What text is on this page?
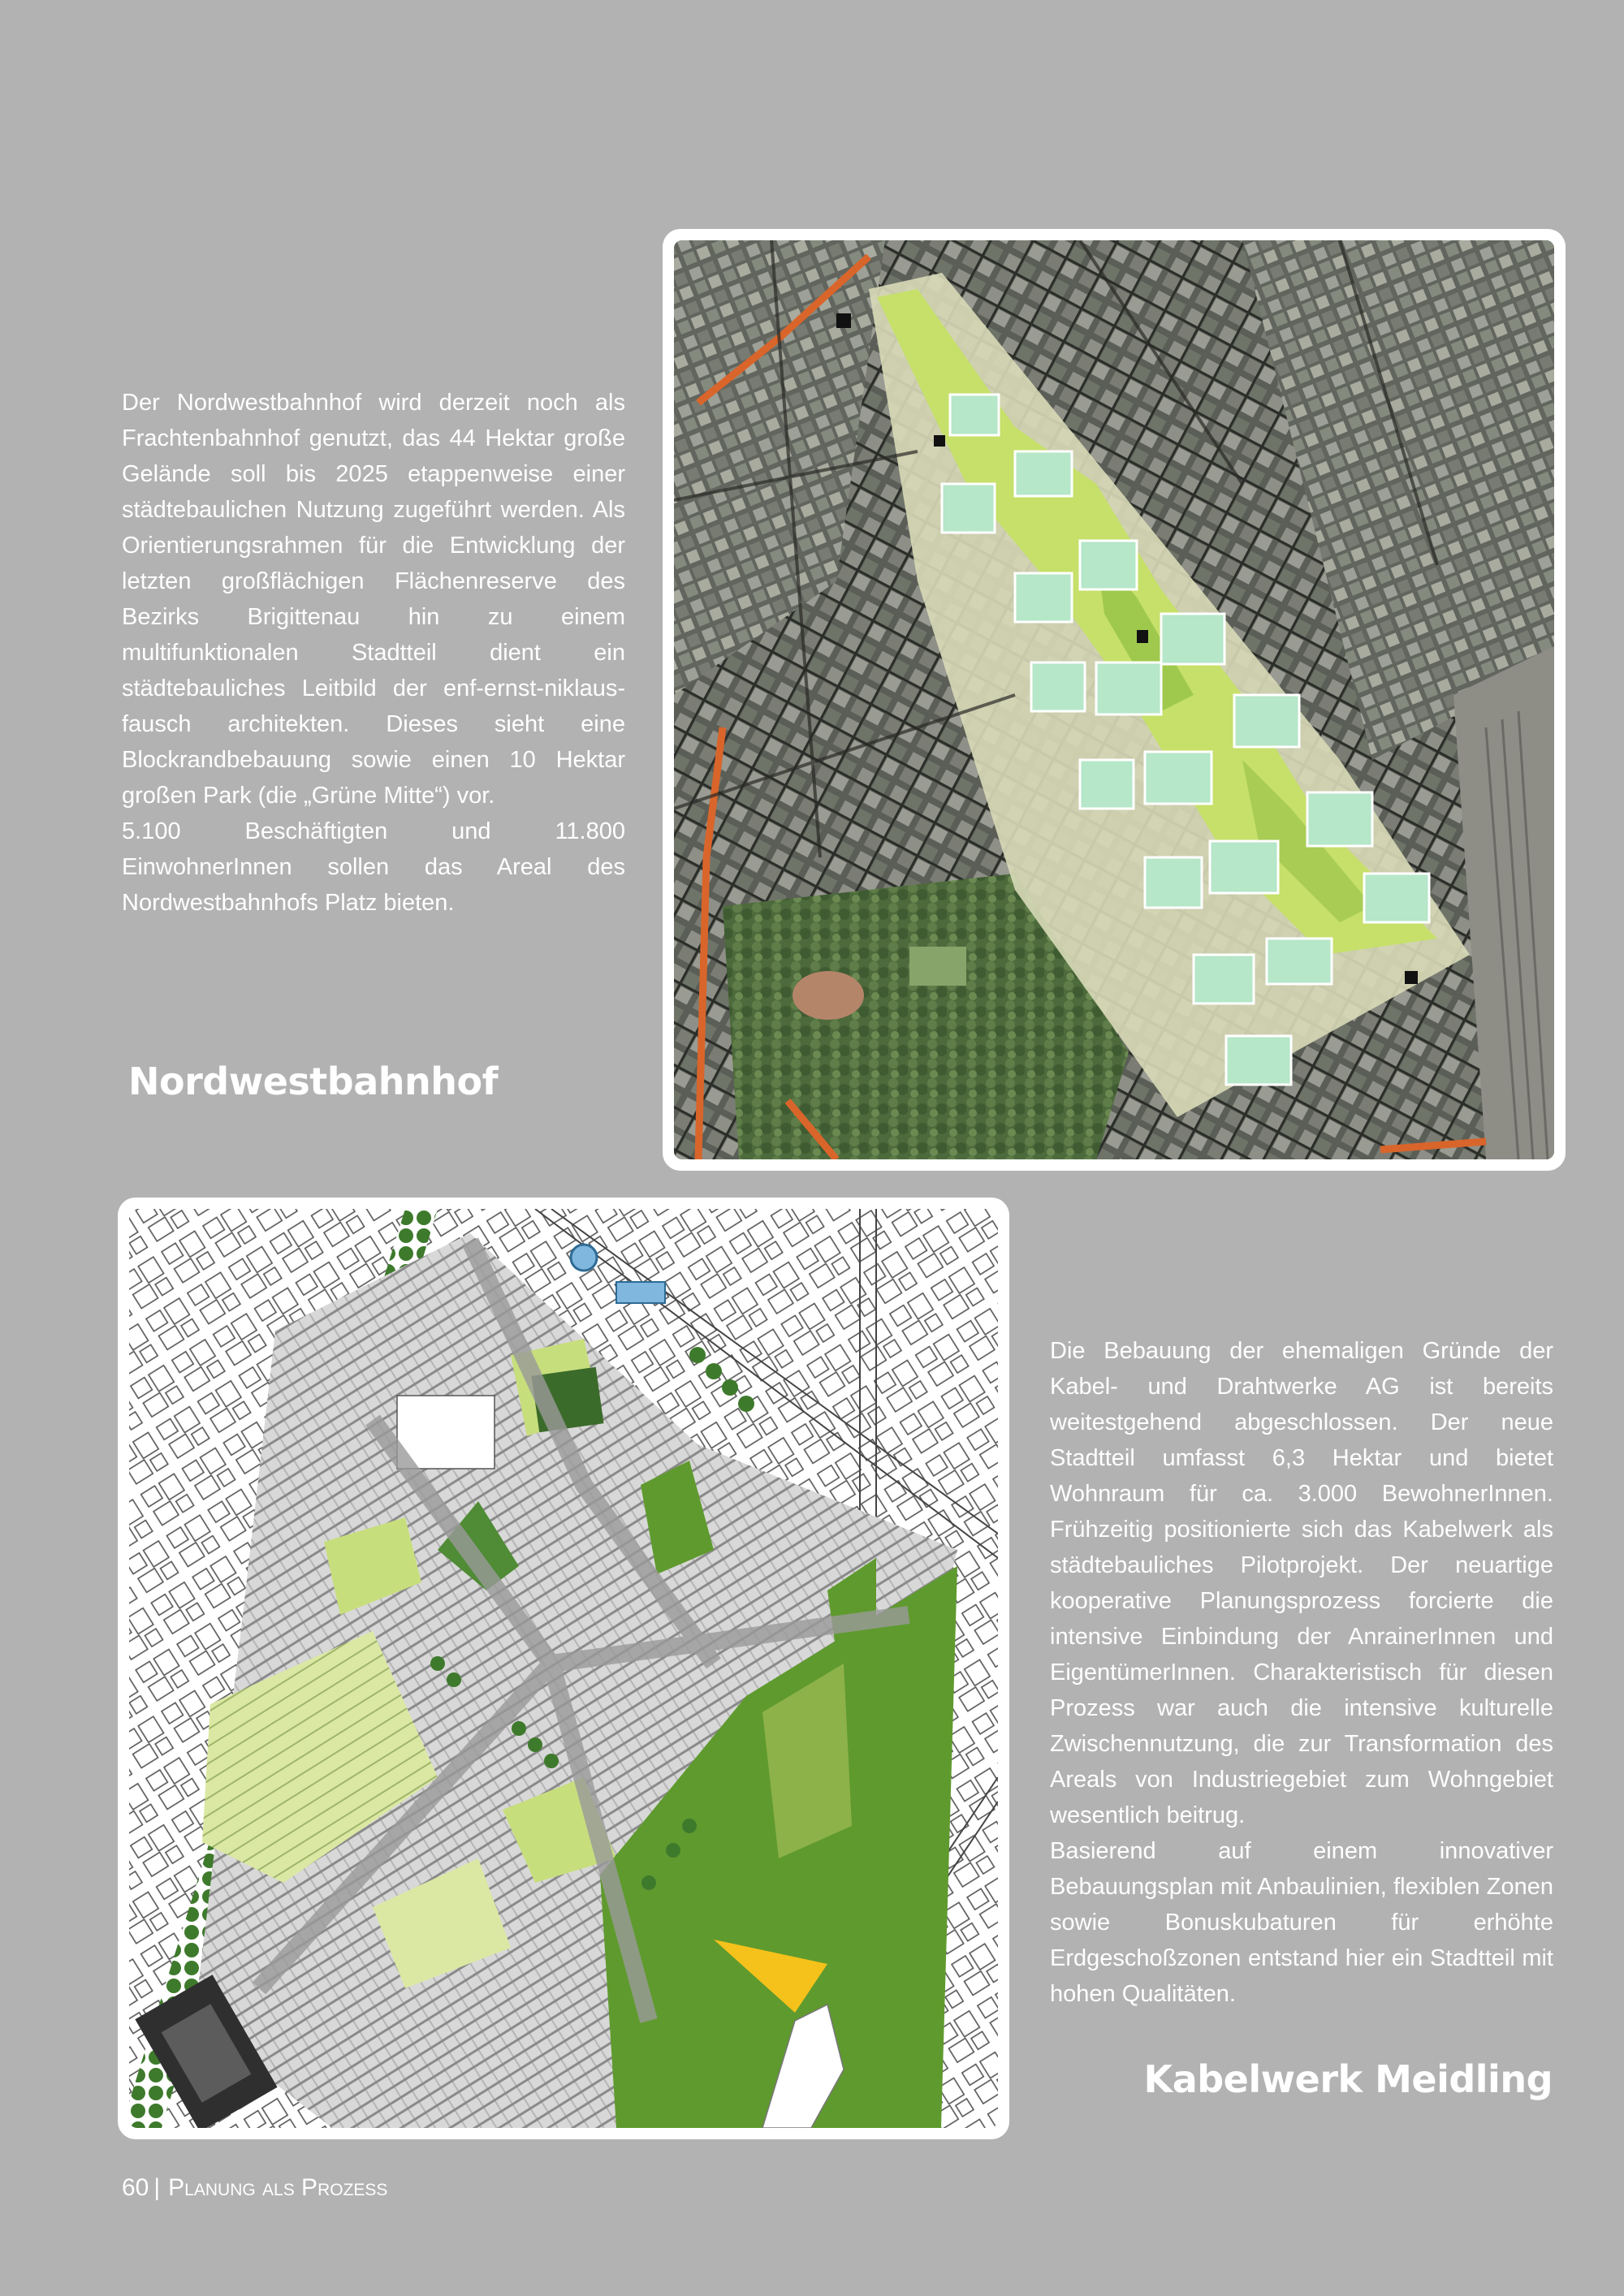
Der Nordwestbahnhof wird derzeit noch als Frachtenbahnhof genutzt, das 44 Hektar große Gelände soll bis 2025 etappenweise einer städtebaulichen Nutzung zugeführt werden. Als Orientierungsrahmen für die Entwicklung der letzten großflächigen Flächenreserve des Bezirks Brigittenau hin zu einem multifunktionalen Stadtteil dient ein städtebauliches Leitbild der enf-ernst-niklaus-fausch architekten. Dieses sieht eine Blockrandbebauung sowie einen 10 Hektar großen Park (die „Grüne Mitte“) vor.

5.100 Beschäftigten und 11.800 EinwohnerInnen sollen das Areal des Nordwestbahnhofs Platz bieten.

Nordwestbahnhof

Die Bebauung der ehemaligen Gründe der Kabel- und Drahtwerke AG ist bereits weitestgehend abgeschlossen. Der neue Stadtteil umfasst 6,3 Hektar und bietet Wohnraum für ca. 3.000 BewohnerInnen. Frühzeitig positionierte sich das Kabelwerk als städtebauliches Pilotprojekt. Der neuartige kooperative Planungsprozess forcierte die intensive Einbindung der AnrainerInnen und EigentümerInnen. Charakteristisch für diesen Prozess war auch die intensive kulturelle Zwischennutzung, die zur Transformation des Areals von Industriegebiet zum Wohngebiet wesentlich beitrug.

Basierend auf einem innovativer Bebauungsplan mit Anbaulinien, flexiblen Zonen sowie Bonuskubaturen für erhöhte Erdgeschoßzonen entstand hier ein Stadtteil mit hohen Qualitäten.

Kabelwerk Meidling
60 | Planung als Prozess
